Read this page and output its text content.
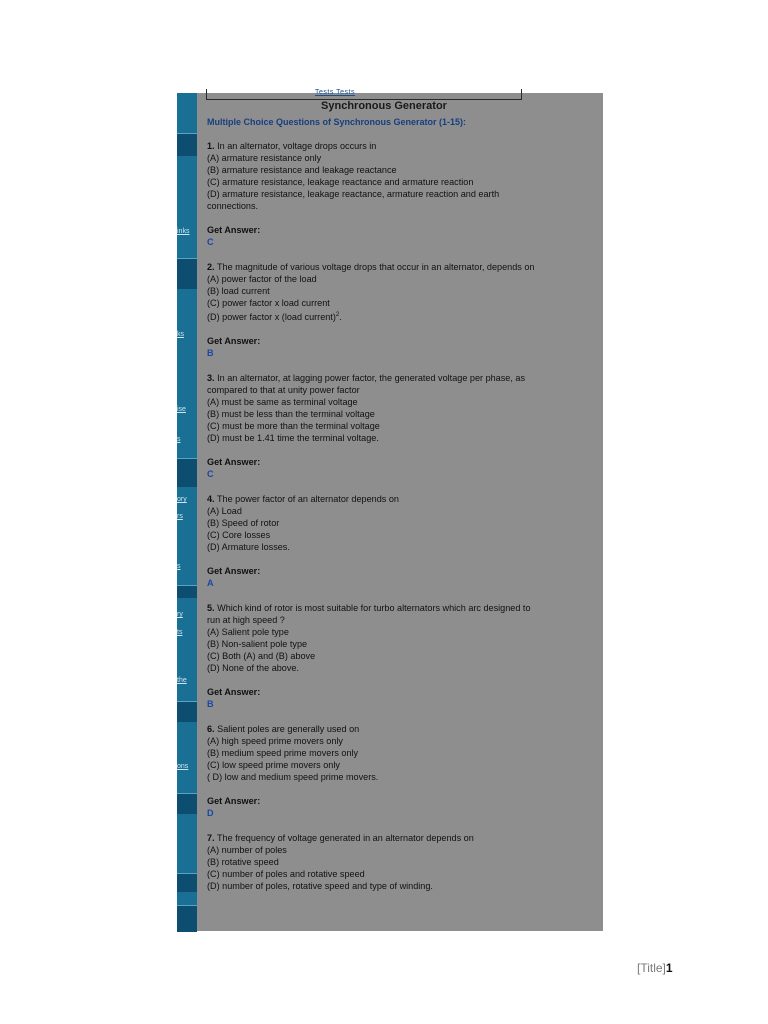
inks
ks
ise
s
ory
rs
s
ry
ts
the
ons
Tests Tests
Synchronous Generator
Multiple Choice Questions of Synchronous Generator (1-15):
1. In an alternator, voltage drops occurs in
(A) armature resistance only
(B) armature resistance and leakage reactance
(C) armature resistance, leakage reactance and armature reaction
(D) armature resistance, leakage reactance, armature reaction and earth connections.
Get Answer:
C
2. The magnitude of various voltage drops that occur in an alternator, depends on
(A) power factor of the load
(B) load current
(C) power factor x load current
(D) power factor x (load current)$^2$.
Get Answer:
B
3. In an alternator, at lagging power factor, the generated voltage per phase, as compared to that at unity power factor
(A) must be same as terminal voltage
(B) must be less than the terminal voltage
(C) must be more than the terminal voltage
(D) must be 1.41 time the terminal voltage.
Get Answer:
C
4. The power factor of an alternator depends on
(A) Load
(B) Speed of rotor
(C) Core losses
(D) Armature losses.
Get Answer:
A
5. Which kind of rotor is most suitable for turbo alternators which arc designed to run at high speed ?
(A) Salient pole type
(B) Non-salient pole type
(C) Both (A) and (B) above
(D) None of the above.
Get Answer:
B
6. Salient poles are generally used on
(A) high speed prime movers only
(B) medium speed prime movers only
(C) low speed prime movers only
( D) low and medium speed prime movers.
Get Answer:
D
7. The frequency of voltage generated in an alternator depends on
(A) number of poles
(B) rotative speed
(C) number of poles and rotative speed
(D) number of poles, rotative speed and type of winding.
[Title]1
